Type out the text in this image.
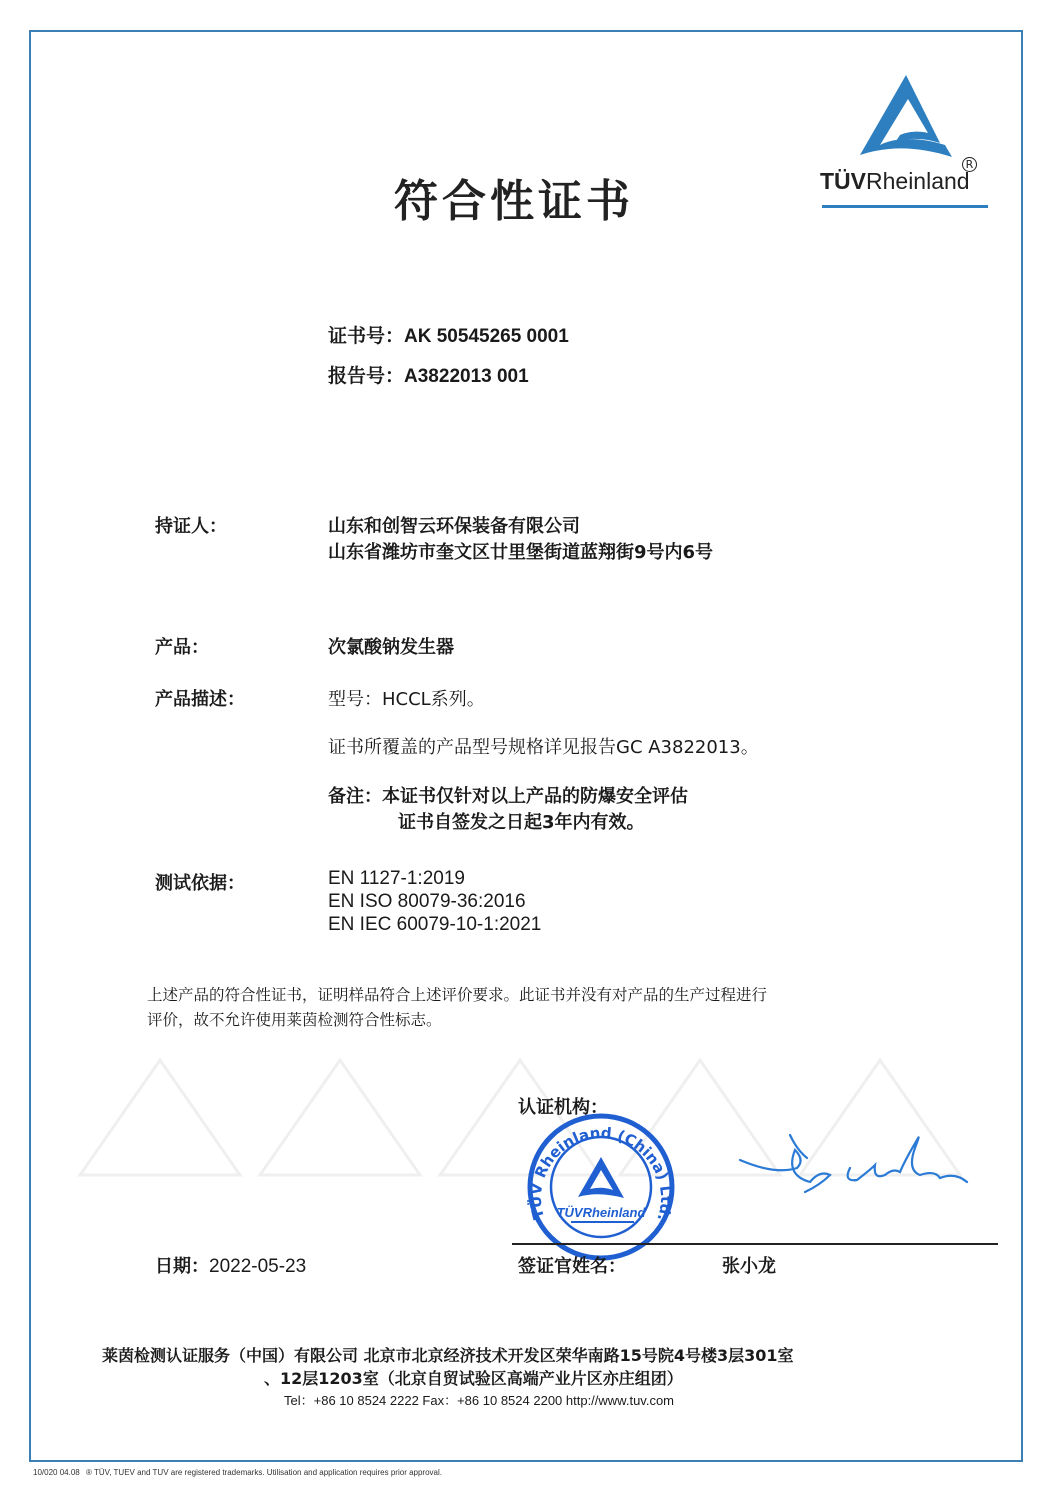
符合性证书
R
TÜVRheinland
证书号：AK 50545265 0001
报告号：A3822013 001
持证人：	山东和创智云环保装备有限公司
山东省潍坊市奎文区廿里堡街道蓝翔街9号内6号
产品：	次氯酸钠发生器
产品描述：	型号：HCCL系列。
证书所覆盖的产品型号规格详见报告GC A3822013。
备注：本证书仅针对以上产品的防爆安全评估
证书自签发之日起3年内有效。
测试依据：	EN 1127-1:2019
EN ISO 80079-36:2016
EN IEC 60079-10-1:2021
上述产品的符合性证书，证明样品符合上述评价要求。此证书并没有对产品的生产过程进行
评价，故不允许使用莱茵检测符合性标志。
认证机构：
TÜV Rheinland (China) Ltd.
TÜVRheinland
日期：2022-05-23	签证官姓名：	张小龙
莱茵检测认证服务（中国）有限公司 北京市北京经济技术开发区荣华南路15号院4号楼3层301室
、12层1203室（北京自贸试验区高端产业片区亦庄组团）
Tel：+86 10 8524 2222 Fax：+86 10 8524 2200 http://www.tuv.com
10/020 04.08 ® TÜV, TUEV and TUV are registered trademarks. Utilisation and application requires prior approval.
